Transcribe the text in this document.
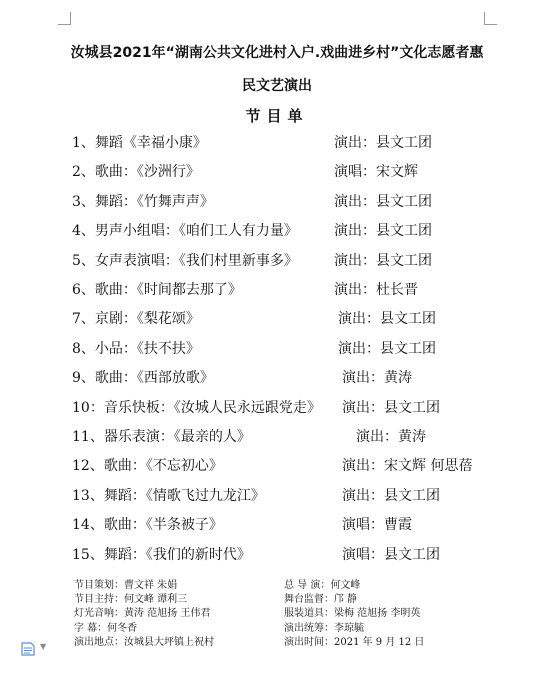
汝城县2021年“湖南公共文化进村入户.戏曲进乡村”文化志愿者惠
民文艺演出
节目单
1、舞蹈《幸福小康》	演出：县文工团
2、歌曲：《沙洲行》	演唱：宋文辉
3、舞蹈：《竹舞声声》	演出：县文工团
4、男声小组唱：《咱们工人有力量》	演出：县文工团
5、女声表演唱：《我们村里新事多》	演出：县文工团
6、歌曲：《时间都去那了》	演出：杜长晋
7、京剧：《梨花颂》	演出：县文工团
8、小品：《扶不扶》	演出：县文工团
9、歌曲：《西部放歌》	演出：黄涛
10：音乐快板：《汝城人民永远跟党走》 演出：县文工团
11、器乐表演：《最亲的人》	演出：黄涛
12、歌曲：《不忘初心》	演出：宋文辉 何思蓓
13、舞蹈：《情歌飞过九龙江》	演出：县文工团
14、歌曲：《半条被子》	演唱：曹霞
15、舞蹈：《我们的新时代》	演唱：县文工团
节目策划：曹文祥 朱娟	总 导 演：何文峰
节目主持：何文峰 谭利三	舞台监督：邝 静
灯光音响：黄涛 范旭扬 王伟君	服装道具：梁梅 范旭扬 李明英
字 幕：何冬香	演出统筹：李琼毓
演出地点：汝城县大坪镇上祝村	演出时间：2021 年 9 月 12 日
▼
